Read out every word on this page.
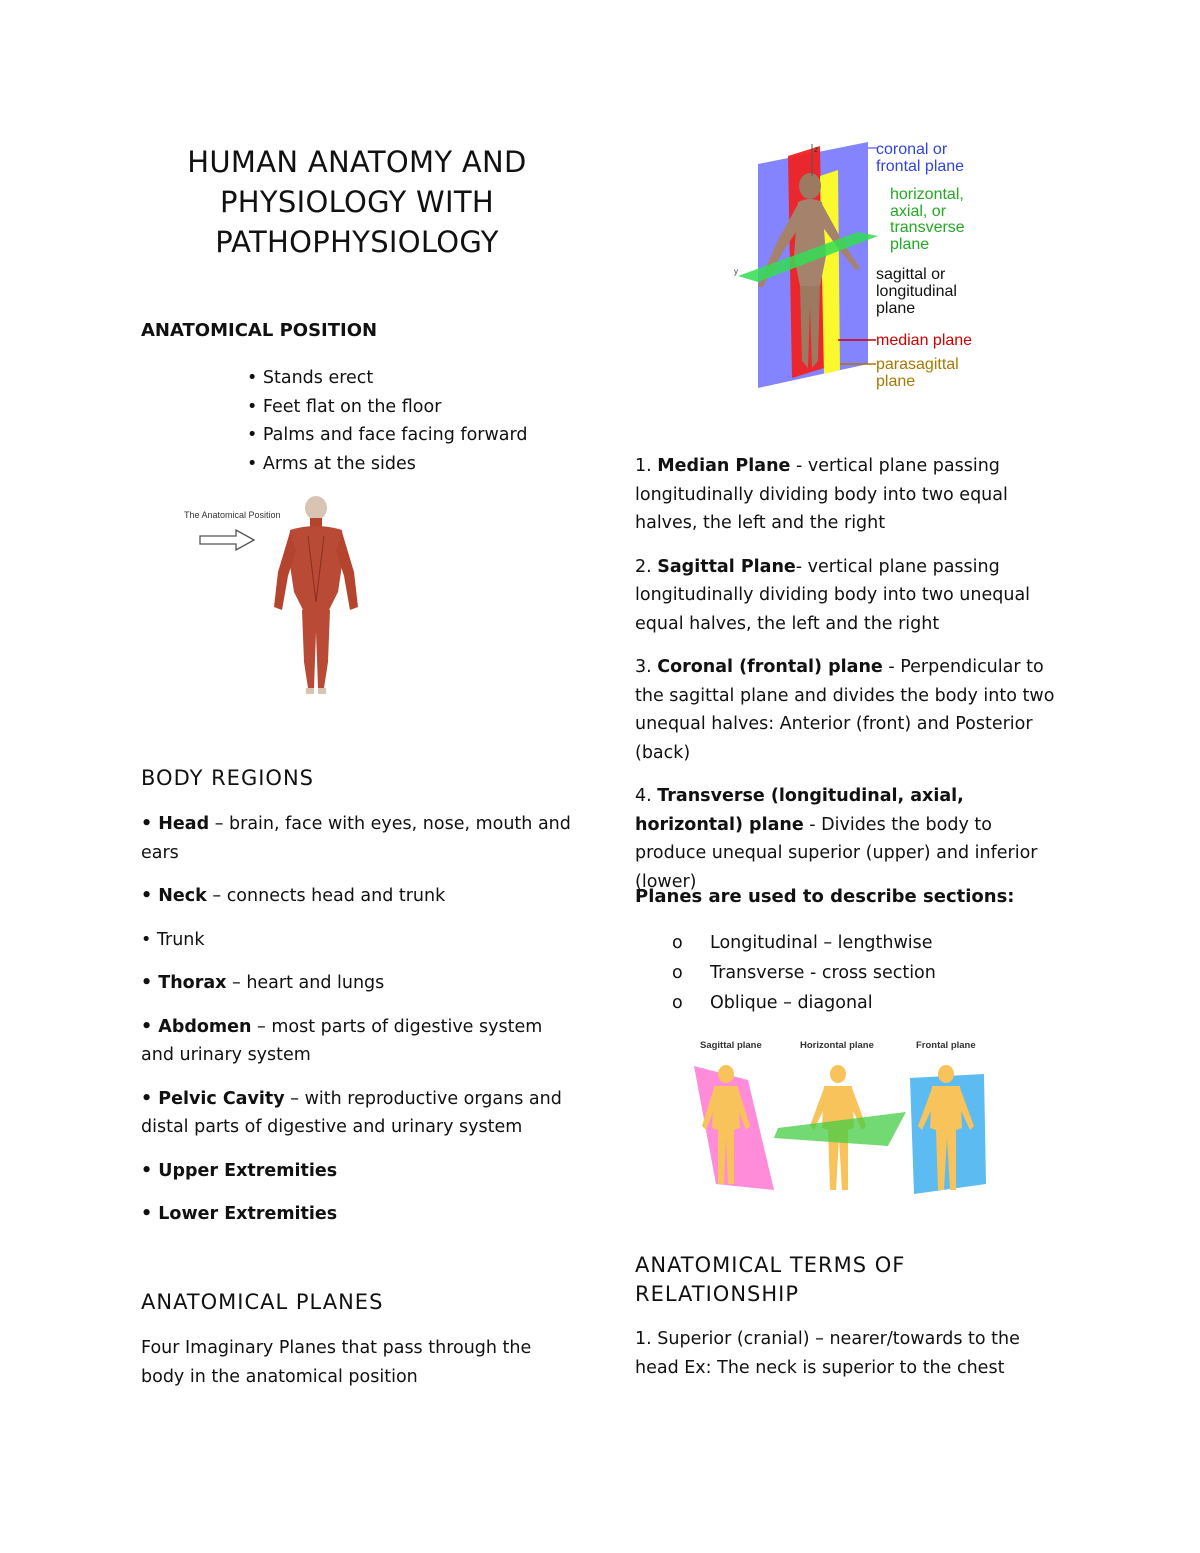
HUMAN ANATOMY AND
PHYSIOLOGY WITH
PATHOPHYSIOLOGY
ANATOMICAL POSITION
• Stands erect
• Feet flat on the floor
• Palms and face facing forward
• Arms at the sides
The Anatomical Position
BODY REGIONS

• Head – brain, face with eyes, nose, mouth and ears

• Neck – connects head and trunk

• Trunk

• Thorax – heart and lungs

• Abdomen – most parts of digestive system and urinary system

• Pelvic Cavity – with reproductive organs and distal parts of digestive and urinary system

• Upper Extremities

• Lower Extremities

ANATOMICAL PLANES
Four Imaginary Planes that pass through the body in the anatomical position
z
y
coronal or
frontal plane
horizontal,
axial, or
transverse
plane
sagittal or
longitudinal
plane
median plane
parasagittal
plane

1. Median Plane - vertical plane passing longitudinally dividing body into two equal halves, the left and the right

2. Sagittal Plane- vertical plane passing longitudinally dividing body into two unequal equal halves, the left and the right

3. Coronal (frontal) plane - Perpendicular to the sagittal plane and divides the body into two unequal halves: Anterior (front) and Posterior (back)

4. Transverse (longitudinal, axial, horizontal) plane - Divides the body to produce unequal superior (upper) and inferior (lower)

Planes are used to describe sections:
o Longitudinal – lengthwise
o Transverse - cross section
o Oblique – diagonal
Sagittal plane	Horizontal plane	Frontal plane
ANATOMICAL TERMS OF
RELATIONSHIP
1. Superior (cranial) – nearer/towards to the head Ex: The neck is superior to the chest
